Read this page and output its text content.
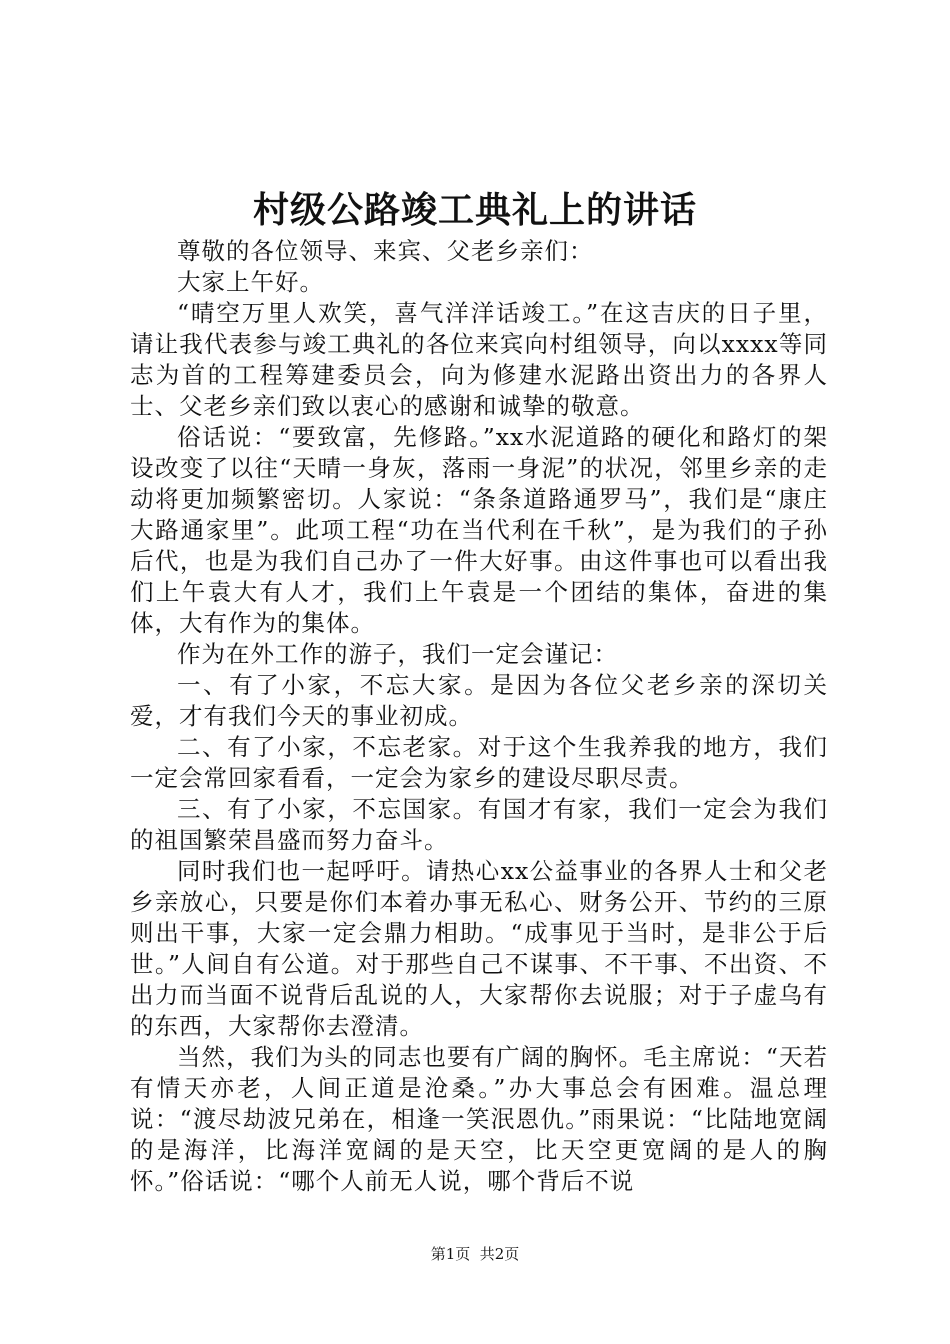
村级公路竣工典礼上的讲话

尊敬的各位领导、来宾、父老乡亲们：

大家上午好。

“晴空万里人欢笑，喜气洋洋话竣工。”在这吉庆的日子里，请让我代表参与竣工典礼的各位来宾向村组领导，向以xxxx等同志为首的工程筹建委员会，向为修建水泥路出资出力的各界人士、父老乡亲们致以衷心的感谢和诚挚的敬意。

俗话说：“要致富，先修路。”xx水泥道路的硬化和路灯的架设改变了以往“天晴一身灰，落雨一身泥”的状况，邻里乡亲的走动将更加频繁密切。人家说：“条条道路通罗马”，我们是“康庄大路通家里”。此项工程“功在当代利在千秋”，是为我们的子孙后代，也是为我们自己办了一件大好事。由这件事也可以看出我们上午袁大有人才，我们上午袁是一个团结的集体，奋进的集体，大有作为的集体。

作为在外工作的游子，我们一定会谨记：

一、有了小家，不忘大家。是因为各位父老乡亲的深切关爱，才有我们今天的事业初成。

二、有了小家，不忘老家。对于这个生我养我的地方，我们一定会常回家看看，一定会为家乡的建设尽职尽责。

三、有了小家，不忘国家。有国才有家，我们一定会为我们的祖国繁荣昌盛而努力奋斗。

同时我们也一起呼吁。请热心xx公益事业的各界人士和父老乡亲放心，只要是你们本着办事无私心、财务公开、节约的三原则出干事，大家一定会鼎力相助。“成事见于当时，是非公于后世。”人间自有公道。对于那些自己不谋事、不干事、不出资、不出力而当面不说背后乱说的人，大家帮你去说服；对于子虚乌有的东西，大家帮你去澄清。

当然，我们为头的同志也要有广阔的胸怀。毛主席说：“天若有情天亦老，人间正道是沧桑。”办大事总会有困难。温总理说：“渡尽劫波兄弟在，相逢一笑泯恩仇。”雨果说：“比陆地宽阔的是海洋，比海洋宽阔的是天空，比天空更宽阔的是人的胸怀。”俗话说：“哪个人前无人说，哪个背后不说

第1页  共2页
